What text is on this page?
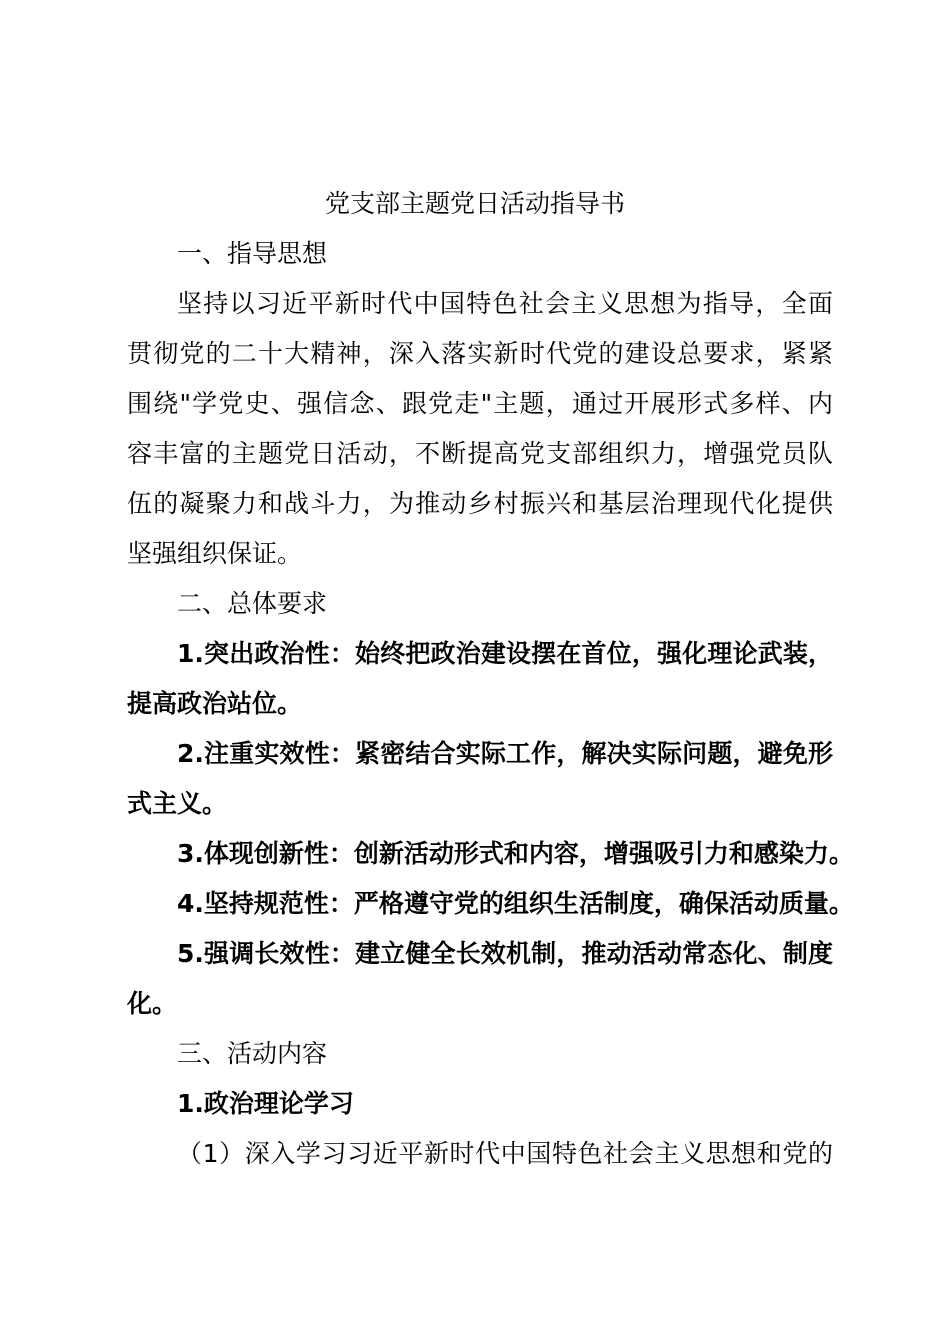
党支部主题党日活动指导书
一、指导思想
坚持以习近平新时代中国特色社会主义思想为指导，全面
贯彻党的二十大精神，深入落实新时代党的建设总要求，紧紧
围绕"学党史、强信念、跟党走"主题，通过开展形式多样、内
容丰富的主题党日活动，不断提高党支部组织力，增强党员队
伍的凝聚力和战斗力，为推动乡村振兴和基层治理现代化提供
坚强组织保证。
二、总体要求
1.突出政治性：始终把政治建设摆在首位，强化理论武装，
提高政治站位。
2.注重实效性：紧密结合实际工作，解决实际问题，避免形
式主义。
3.体现创新性：创新活动形式和内容，增强吸引力和感染力。
4.坚持规范性：严格遵守党的组织生活制度，确保活动质量。
5.强调长效性：建立健全长效机制，推动活动常态化、制度
化。
三、活动内容
1.政治理论学习
（1）深入学习习近平新时代中国特色社会主义思想和党的
